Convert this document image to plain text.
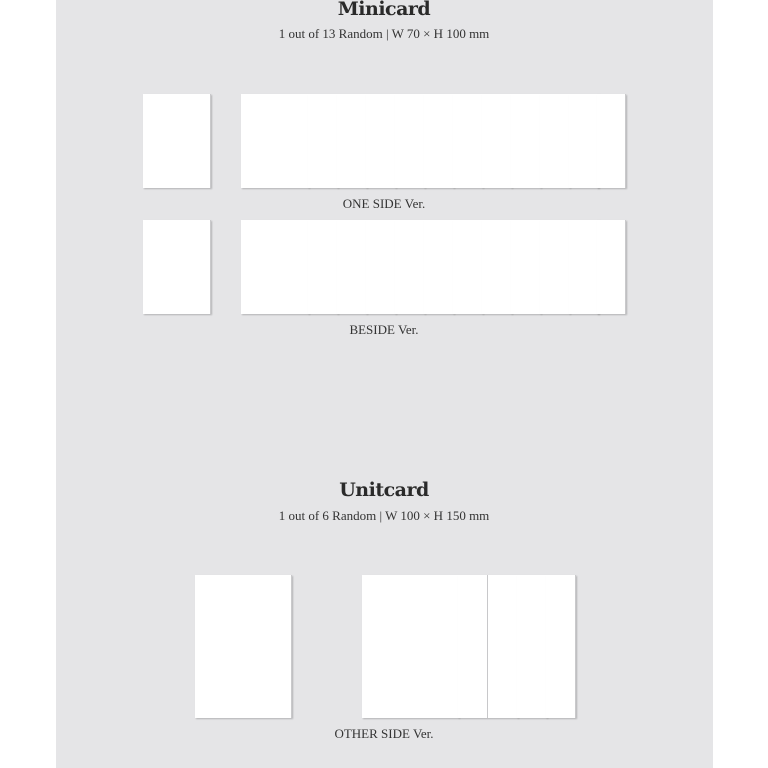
Minicard
1 out of 13 Random | W 70 × H 100 mm
ONE SIDE Ver.
BESIDE Ver.
Unitcard
1 out of 6 Random | W 100 × H 150 mm
OTHER SIDE Ver.
